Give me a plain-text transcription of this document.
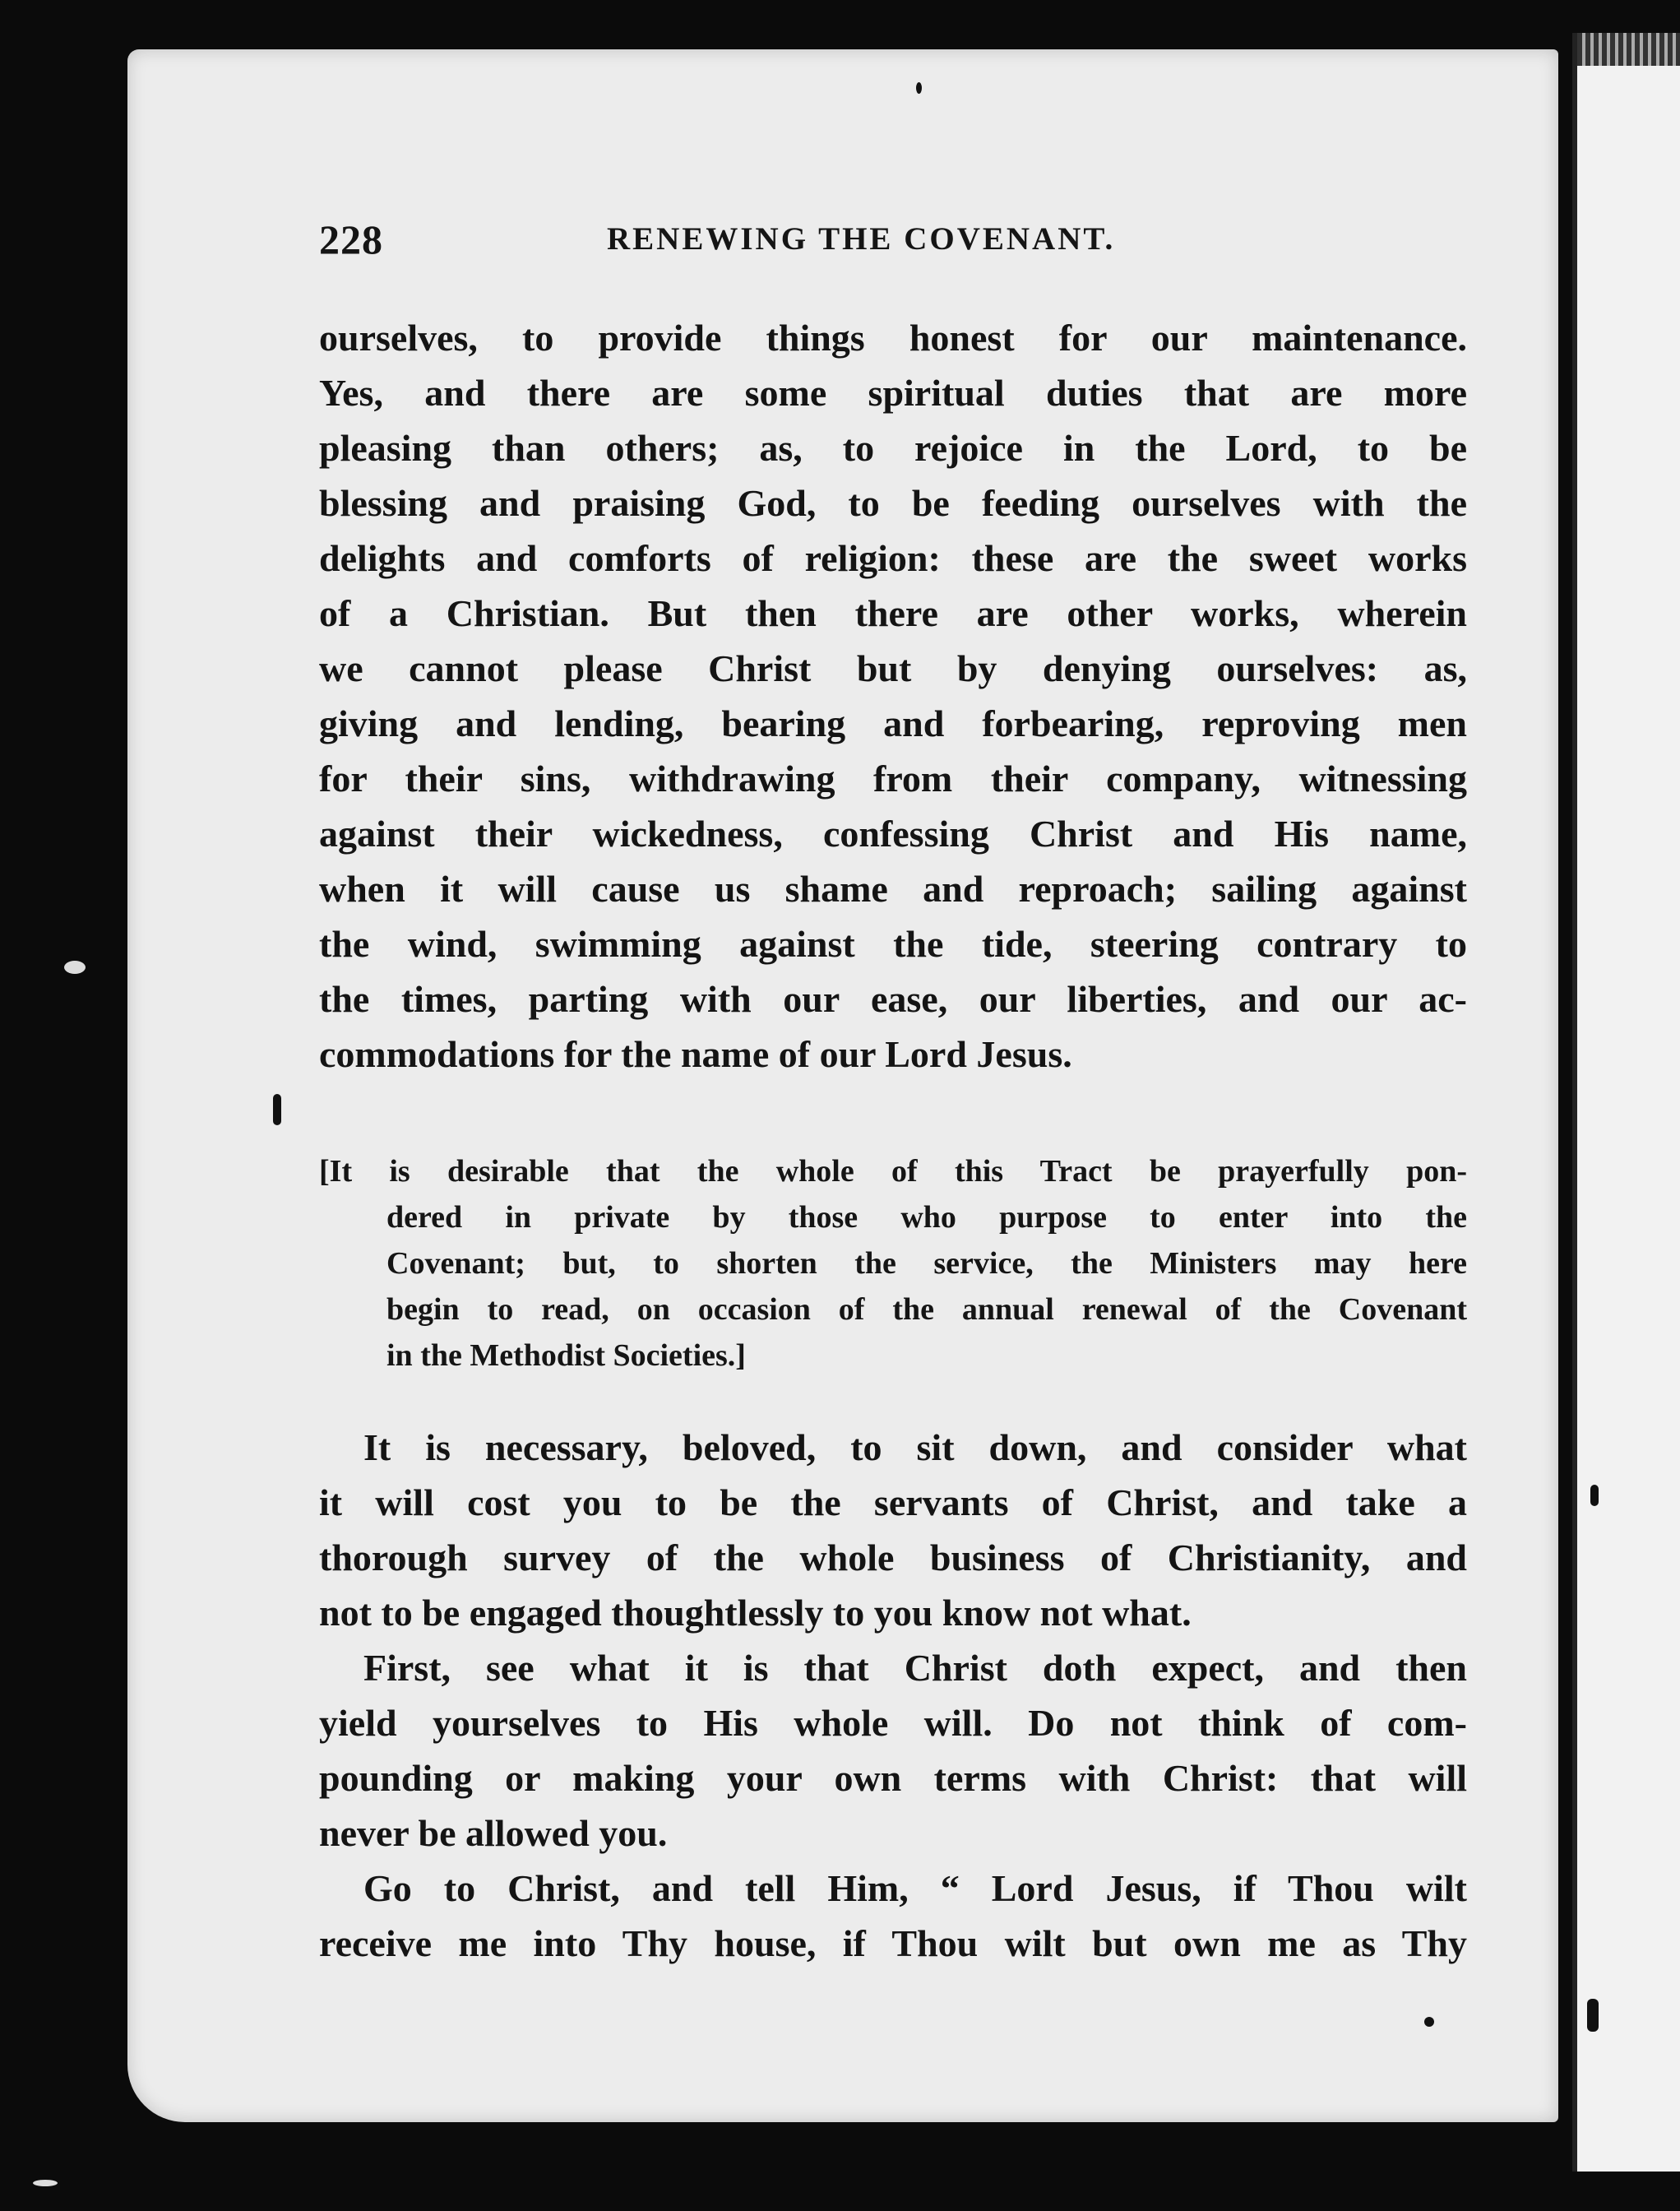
228	RENEWING THE COVENANT.
ourselves, to provide things honest for our maintenance.
Yes, and there are some spiritual duties that are more
pleasing than others; as, to rejoice in the Lord, to be
blessing and praising God, to be feeding ourselves with the
delights and comforts of religion: these are the sweet works
of a Christian. But then there are other works, wherein
we cannot please Christ but by denying ourselves: as,
giving and lending, bearing and forbearing, reproving men
for their sins, withdrawing from their company, witnessing
against their wickedness, confessing Christ and His name,
when it will cause us shame and reproach; sailing against
the wind, swimming against the tide, steering contrary to
the times, parting with our ease, our liberties, and our ac-
commodations for the name of our Lord Jesus.
[It is desirable that the whole of this Tract be prayerfully pon-
dered in private by those who purpose to enter into the
Covenant; but, to shorten the service, the Ministers may here
begin to read, on occasion of the annual renewal of the Covenant
in the Methodist Societies.]
It is necessary, beloved, to sit down, and consider what
it will cost you to be the servants of Christ, and take a
thorough survey of the whole business of Christianity, and
not to be engaged thoughtlessly to you know not what.
First, see what it is that Christ doth expect, and then
yield yourselves to His whole will. Do not think of com-
pounding or making your own terms with Christ: that will
never be allowed you.
Go to Christ, and tell Him, “ Lord Jesus, if Thou wilt
receive me into Thy house, if Thou wilt but own me as Thy
